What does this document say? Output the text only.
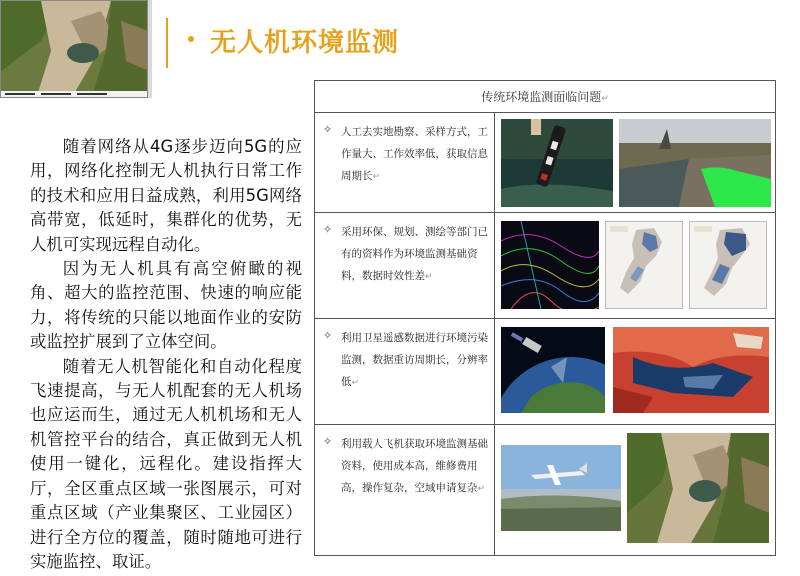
无人机环境监测

随着网络从4G逐步迈向5G的应用，网络化控制无人机执行日常工作的技术和应用日益成熟，利用5G网络高带宽，低延时，集群化的优势，无人机可实现远程自动化。

因为无人机具有高空俯瞰的视角、超大的监控范围、快速的响应能力，将传统的只能以地面作业的安防或监控扩展到了立体空间。

随着无人机智能化和自动化程度飞速提高，与无人机配套的无人机场也应运而生，通过无人机机场和无人机管控平台的结合，真正做到无人机使用一键化，远程化。建设指挥大厅，全区重点区域一张图展示，可对重点区域（产业集聚区、工业园区）进行全方位的覆盖，随时随地可进行实施监控、取证。

传统环境监测面临问题↵
✧ 人工去实地勘察、采样方式，工作量大、工作效率低，获取信息周期长↵
✧ 采用环保、规划、测绘等部门已有的资料作为环境监测基础资料，数据时效性差↵
✧ 利用卫星遥感数据进行环境污染监测，数据重访周期长，分辨率低↵
✧ 利用载人飞机获取环境监测基础资料，使用成本高，维修费用高，操作复杂，空域申请复杂↵
